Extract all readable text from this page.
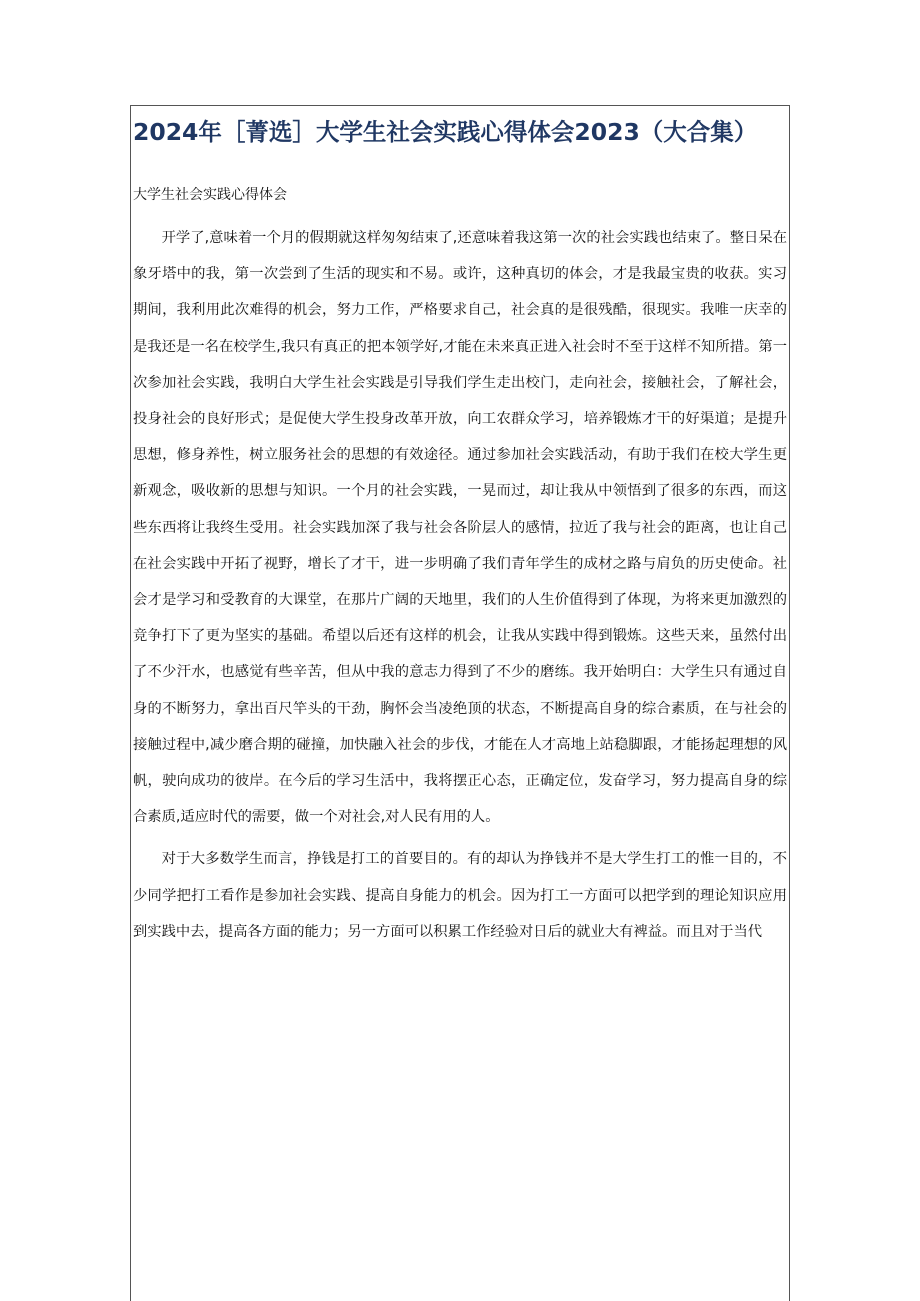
2024年［菁选］大学生社会实践心得体会2023（大合集）

大学生社会实践心得体会

开学了,意味着一个月的假期就这样匆匆结束了,还意味着我这第一次的社会实践也结束了。整日呆在象牙塔中的我，第一次尝到了生活的现实和不易。或许，这种真切的体会，才是我最宝贵的收获。实习期间，我利用此次难得的机会，努力工作，严格要求自己，社会真的是很残酷，很现实。我唯一庆幸的是我还是一名在校学生,我只有真正的把本领学好,才能在未来真正进入社会时不至于这样不知所措。第一次参加社会实践，我明白大学生社会实践是引导我们学生走出校门，走向社会，接触社会，了解社会，投身社会的良好形式；是促使大学生投身改革开放，向工农群众学习，培养锻炼才干的好渠道；是提升思想，修身养性，树立服务社会的思想的有效途径。通过参加社会实践活动，有助于我们在校大学生更新观念，吸收新的思想与知识。一个月的社会实践，一晃而过，却让我从中领悟到了很多的东西，而这些东西将让我终生受用。社会实践加深了我与社会各阶层人的感情，拉近了我与社会的距离，也让自己在社会实践中开拓了视野，增长了才干，进一步明确了我们青年学生的成材之路与肩负的历史使命。社会才是学习和受教育的大课堂，在那片广阔的天地里，我们的人生价值得到了体现，为将来更加激烈的竞争打下了更为坚实的基础。希望以后还有这样的机会，让我从实践中得到锻炼。这些天来，虽然付出了不少汗水，也感觉有些辛苦，但从中我的意志力得到了不少的磨练。我开始明白：大学生只有通过自身的不断努力，拿出百尺竿头的干劲，胸怀会当凌绝顶的状态，不断提高自身的综合素质，在与社会的接触过程中,减少磨合期的碰撞，加快融入社会的步伐，才能在人才高地上站稳脚跟，才能扬起理想的风帆，驶向成功的彼岸。在今后的学习生活中，我将摆正心态，正确定位，发奋学习，努力提高自身的综合素质,适应时代的需要，做一个对社会,对人民有用的人。

对于大多数学生而言，挣钱是打工的首要目的。有的却认为挣钱并不是大学生打工的惟一目的，不少同学把打工看作是参加社会实践、提高自身能力的机会。因为打工一方面可以把学到的理论知识应用到实践中去，提高各方面的能力；另一方面可以积累工作经验对日后的就业大有裨益。而且对于当代
